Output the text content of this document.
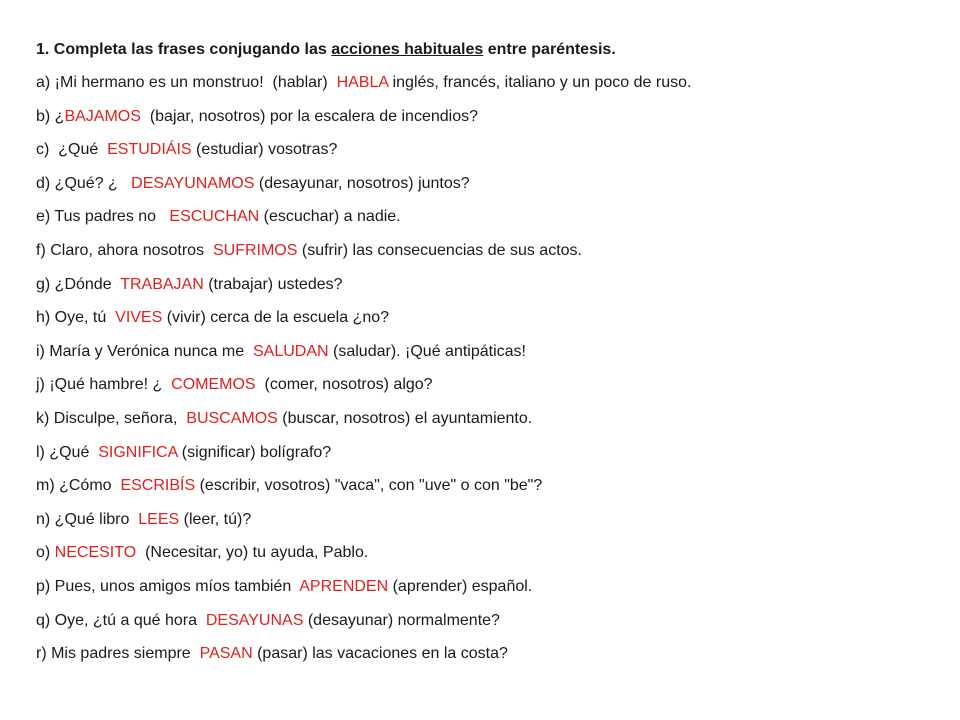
1. Completa las frases conjugando las acciones habituales entre paréntesis.
a) ¡Mi hermano es un monstruo!  (hablar)  HABLA inglés, francés, italiano y un poco de ruso.
b) ¿BAJAMOS  (bajar, nosotros) por la escalera de incendios?
c)  ¿Qué  ESTUDIÁIS (estudiar) vosotras?
d) ¿Qué? ¿   DESAYUNAMOS (desayunar, nosotros) juntos?
e) Tus padres no   ESCUCHAN (escuchar) a nadie.
f) Claro, ahora nosotros  SUFRIMOS (sufrir) las consecuencias de sus actos.
g) ¿Dónde  TRABAJAN (trabajar) ustedes?
h) Oye, tú  VIVES (vivir) cerca de la escuela ¿no?
i) María y Verónica nunca me  SALUDAN (saludar). ¡Qué antipáticas!
j) ¡Qué hambre! ¿  COMEMOS  (comer, nosotros) algo?
k) Disculpe, señora,  BUSCAMOS (buscar, nosotros) el ayuntamiento.
l) ¿Qué  SIGNIFICA (significar) bolígrafo?
m) ¿Cómo  ESCRIBÍS (escribir, vosotros) "vaca", con "uve" o con "be"?
n) ¿Qué libro  LEES (leer, tú)?
o) NECESITO  (Necesitar, yo) tu ayuda, Pablo.
p) Pues, unos amigos míos también  APRENDEN (aprender) español.
q) Oye, ¿tú a qué hora  DESAYUNAS (desayunar) normalmente?
r) Mis padres siempre  PASAN (pasar) las vacaciones en la costa?
